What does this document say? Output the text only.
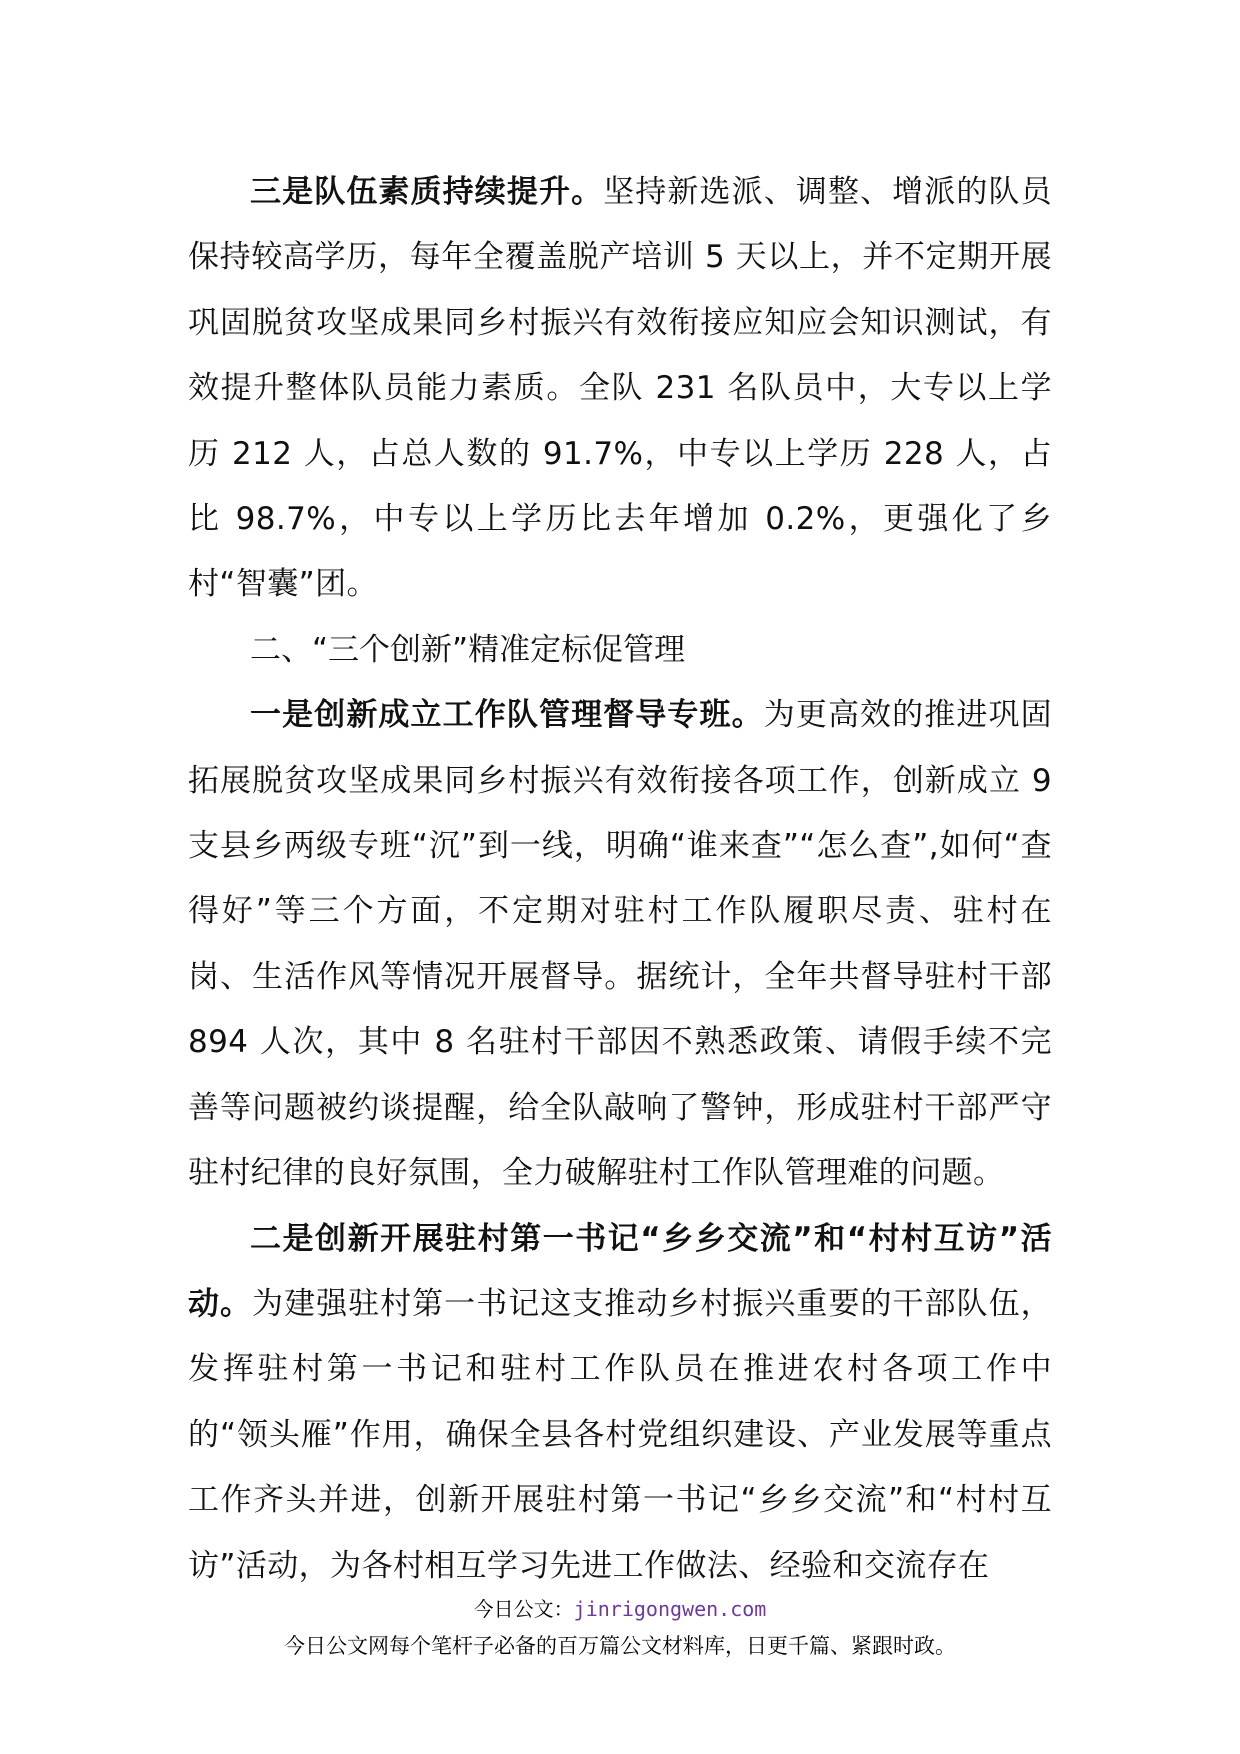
三是队伍素质持续提升。坚持新选派、调整、增派的队员保持较高学历，每年全覆盖脱产培训 5 天以上，并不定期开展巩固脱贫攻坚成果同乡村振兴有效衔接应知应会知识测试，有效提升整体队员能力素质。全队 231 名队员中，大专以上学历 212 人，占总人数的 91.7%，中专以上学历 228 人，占比 98.7%，中专以上学历比去年增加 0.2%，更强化了乡村“智囊”团。

二、“三个创新”精准定标促管理

一是创新成立工作队管理督导专班。为更高效的推进巩固拓展脱贫攻坚成果同乡村振兴有效衔接各项工作，创新成立 9 支县乡两级专班“沉”到一线，明确“谁来查”“怎么查”,如何“查得好”等三个方面，不定期对驻村工作队履职尽责、驻村在岗、生活作风等情况开展督导。据统计，全年共督导驻村干部 894 人次，其中 8 名驻村干部因不熟悉政策、请假手续不完善等问题被约谈提醒，给全队敲响了警钟，形成驻村干部严守驻村纪律的良好氛围，全力破解驻村工作队管理难的问题。

二是创新开展驻村第一书记“乡乡交流”和“村村互访”活动。为建强驻村第一书记这支推动乡村振兴重要的干部队伍，发挥驻村第一书记和驻村工作队员在推进农村各项工作中的“领头雁”作用，确保全县各村党组织建设、产业发展等重点工作齐头并进，创新开展驻村第一书记“乡乡交流”和“村村互访”活动，为各村相互学习先进工作做法、经验和交流存在

今日公文：jinrigongwen.com
今日公文网每个笔杆子必备的百万篇公文材料库，日更千篇、紧跟时政。
